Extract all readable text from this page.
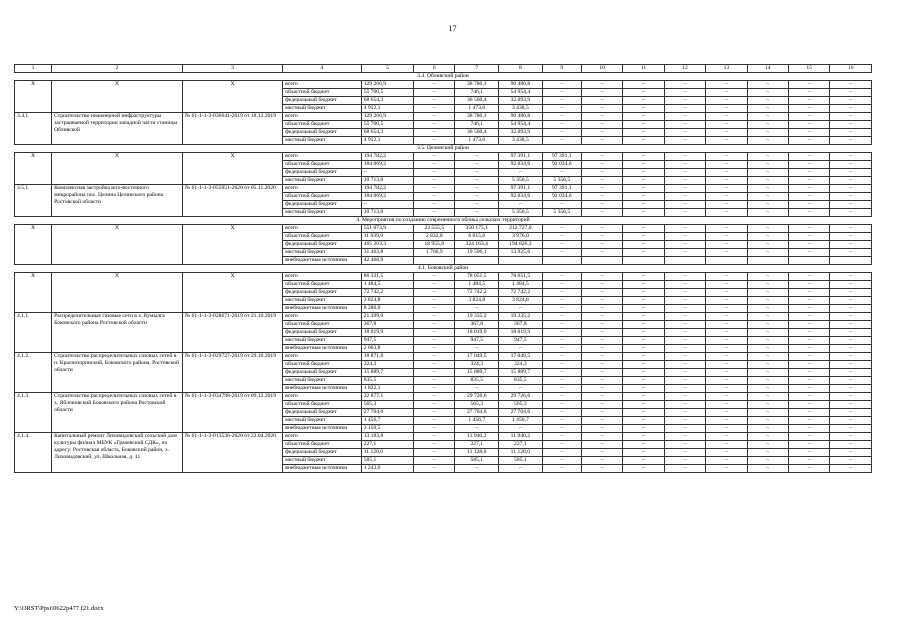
17
1	2	3	4	5	6	7	8	9	10	11	12	13	14	15	16
3.4. Обливский район															
Х	Х	Х	всего	129 266,9	–	38 780,1	90 486,8	–	–	–	–	–	–	–	–
			областной бюджет	55 700,5	–	746,1	54 954,4	–	–	–	–	–	–	–	–
			федеральный бюджет	68 654,3	–	36 560,4	32 093,9	–	–	–	–	–	–	–	–
			местный бюджет	4 912,1	–	1 473,6	3 438,5	–	–	–	–	–	–	–	–
3.4.1.	Строительство инженерной инфраструктуры застраиваемой территории западной части станицы Обливской	№ 61-1-1-3-036641-2019 от 18.12.2019	всего	129 266,9	–	38 780,1	90 486,8	–	–	–	–	–	–	–	–
			областной бюджет	55 700,5	–	746,1	54 954,4	–	–	–	–	–	–	–	–
			федеральный бюджет	68 654,3	–	36 560,4	32 093,9	–	–	–	–	–	–	–	–
			местный бюджет	4 912,1	–	1 473,6	3 438,5	–	–	–	–	–	–	–	–
3.5. Целинский район															
Х	Х	Х	всего	194 782,2	–	–	97 391,1	97 391,1	–	–	–	–	–	–	–
			областной бюджет	184 069,2	–	–	92 034,6	92 034,6	–	–	–	–	–	–	–
			федеральный бюджет	–	–	–	–	–	–	–	–	–	–	–	–
			местный бюджет	10 713,0	–	–	5 356,5	5 356,5	–	–	–	–	–	–	–
3.5.1.	Комплексная застройка юго-восточного микрорайона пос. Целина Целинского района Ростовской области	№ 61-1-1-3-055951-2020 от 05.11.2020	всего	194 782,2	–	–	97 391,1	97 391,1	–	–	–	–	–	–	–
			областной бюджет	184 069,2	–	–	92 034,6	92 034,6	–	–	–	–	–	–	–
			федеральный бюджет	–	–	–	–	–	–	–	–	–	–	–	–
			местный бюджет	10 713,0	–	–	5 356,5	5 356,5	–	–	–	–	–	–	–
4. Мероприятия по созданию современного облика сельских территорий															
Х	Х	Х	всего	551 073,9	23 555,5	350 175,1	212 727,0	–	–	–	–	–	–	–	–
			областной бюджет	11 939,9	2 832,8	6 615,6	3 976,0	–	–	–	–	–	–	–	–
			федеральный бюджет	465 203,3	18 955,8	324 163,4	194 826,3	–	–	–	–	–	–	–	–
			местный бюджет	31 463,8	1 766,9	19 596,1	13 925,6	–	–	–	–	–	–	–	–
			внебюджетные источники	42 468,9											
4.1. Боковский район															
Х	Х	Х	всего	86 331,5	–	78 051,5	78 051,5	–	–	–	–	–	–	–	–
			областной бюджет	1 484,5	–	1 484,5	1 484,5	–	–	–	–	–	–	–	–
			федеральный бюджет	72 742,2	–	72 742,2	72 742,2	–	–	–	–	–	–	–	–
			местный бюджет	3 824,8	–	3 824,8	3 824,8	–	–	–	–	–	–	–	–
			внебюджетные источники	8 280,0	–	–	–	–	–	–	–	–	–	–	–
4.1.1.	Распределительные газовые сети в х. Кумылга Боковского района Ростовской области	№ 61-1-1-3-028671-2019 от 21.10.2019	всего	21 399,0	–	19 335,2	19 335,2	–	–	–	–	–	–	–	–
			областной бюджет	367,8	–	367,8	367,8	–	–	–	–	–	–	–	–
			федеральный бюджет	18 019,9	–	18 019,9	18 019,9	–	–	–	–	–	–	–	–
			местный бюджет	947,5	–	947,5	947,5	–	–	–	–	–	–	–	–
			внебюджетные источники	2 063,8	–	–	–	–	–	–	–	–	–	–	–
4.1.2.	Строительство распределительных газовых сетей в п. Краснозоринский, Боковского района, Ростовской области	№ 61-1-1-3-029727-2019 от 29.10.2019	всего	18 871,6	–	17 049,5	17 049,5	–	–	–	–	–	–	–	–
			областной бюджет	324,3	–	324,3	324,3	–	–	–	–	–	–	–	–
			федеральный бюджет	15 889,7	–	15 889,7	15 889,7	–	–	–	–	–	–	–	–
			местный бюджет	835,5	–	835,5	835,5	–	–	–	–	–	–	–	–
			внебюджетные источники	1 822,1	–	–	–	–	–	–	–	–	–	–	–
4.1.3.	Строительство распределительных газовых сетей в х. Яблоновский Боковского района Ростовской области	№ 61-1-1-3-034798-2019 от 09.12.2019	всего	32 877,1	–	29 726,6	29 726,6	–	–	–	–	–	–	–	–
			областной бюджет	565,3	–	565,3	565,3	–	–	–	–	–	–	–	–
			федеральный бюджет	27 704,6	–	27 704,6	27 704,6	–	–	–	–	–	–	–	–
			местный бюджет	1 456,7	–	1 456,7	1 456,7	–	–	–	–	–	–	–	–
			внебюджетные источники	3 150,5	–	–	–	–	–	–	–	–	–	–	–
4.1.4.	Капитальный ремонт Лиховидовский сельский дом культуры филиал МБУК «Грачевский СДК», по адресу: Ростовская область, Боковский район, х. Лиховидовский, ул. Школьная, д. 11	№ 61-1-1-3-013536-2020 от 22.04.2020	всего	13 183,8	–	11 940,2	11 940,2	–	–	–	–	–	–	–	–
			областной бюджет	227,1	–	227,1	227,1	–	–	–	–	–	–	–	–
			федеральный бюджет	11 128,0	–	11 128,0	11 128,0	–	–	–	–	–	–	–	–
			местный бюджет	585,1	–	585,1	585,1	–	–	–	–	–	–	–	–
			внебюджетные источники	1 243,6	–	–	–	–	–	–	–	–	–	–	–
Y:\ORST\Ppsi\0622p477.f21.docx
